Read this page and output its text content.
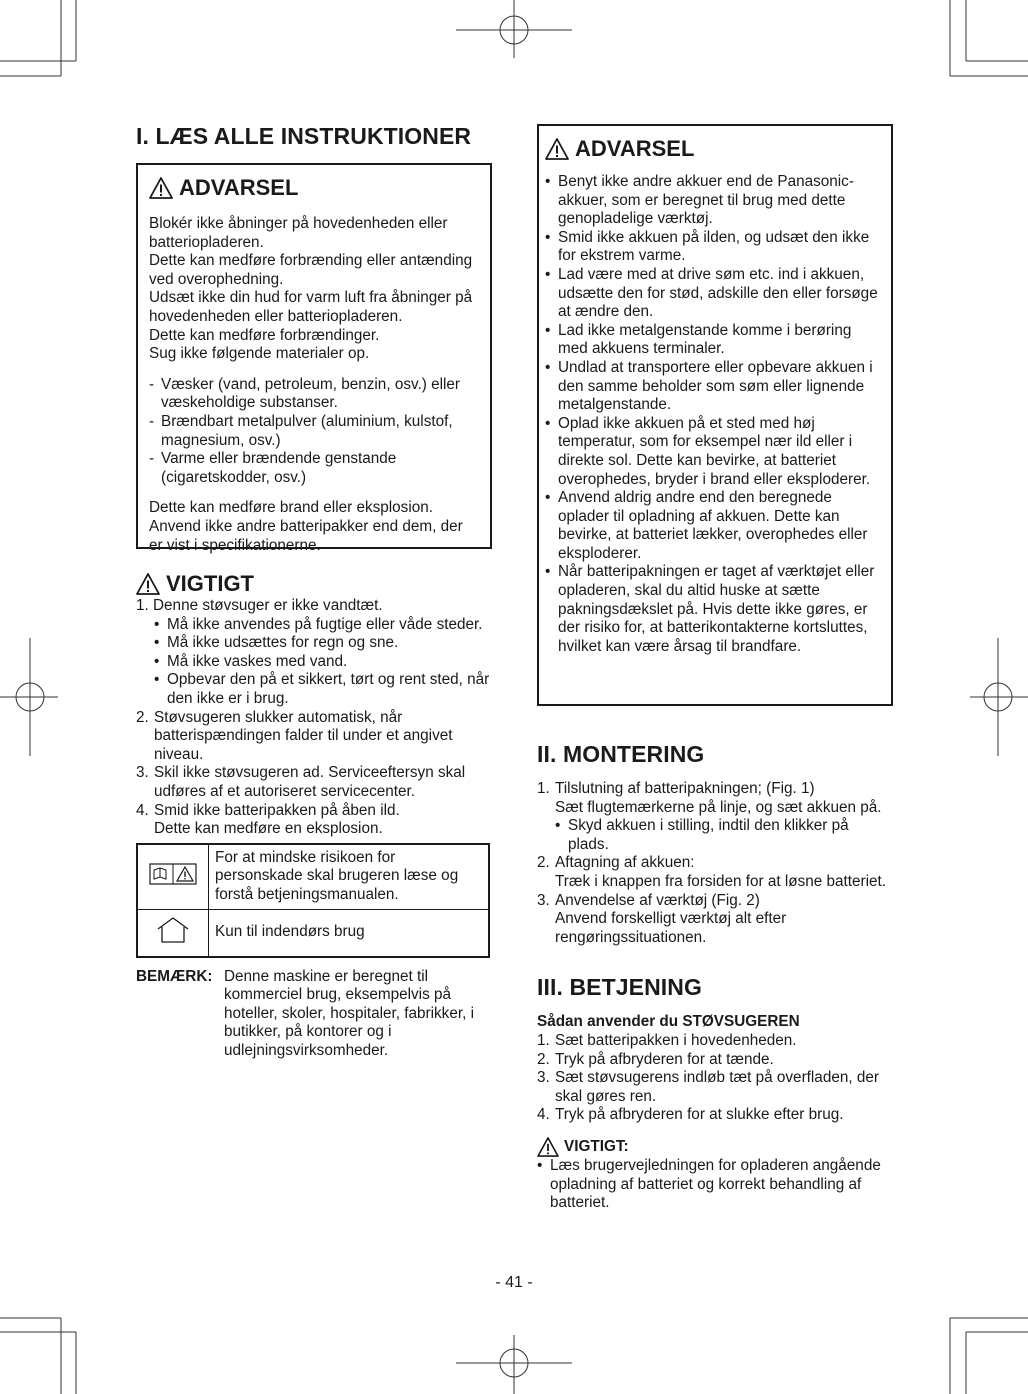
I. LÆS ALLE INSTRUKTIONER
ADVARSEL

Blokér ikke åbninger på hovedenheden eller batteriopladeren.

Dette kan medføre forbrænding eller antænding ved overophedning.

Udsæt ikke din hud for varm luft fra åbninger på hovedenheden eller batteriopladeren.

Dette kan medføre forbrændinger.

Sug ikke følgende materialer op.

- Væsker (vand, petroleum, benzin, osv.) eller væskeholdige substanser.
- Brændbart metalpulver (aluminium, kulstof, magnesium, osv.)
- Varme eller brændende genstande (cigaretskodder, osv.)

Dette kan medføre brand eller eksplosion.

Anvend ikke andre batteripakker end dem, der er vist i specifikationerne.

VIGTIGT

1. Denne støvsuger er ikke vandtæt.

• Må ikke anvendes på fugtige eller våde steder.
• Må ikke udsættes for regn og sne.
• Må ikke vaskes med vand.
• Opbevar den på et sikkert, tørt og rent sted, når den ikke er i brug.
2. Støvsugeren slukker automatisk, når batterispændingen falder til under et angivet niveau.
3. Skil ikke støvsugeren ad. Serviceeftersyn skal udføres af et autoriseret servicecenter.
4. Smid ikke batteripakken på åben ild.

Dette kan medføre en eksplosion.

	For at mindske risikoen for personskade skal brugeren læse og forstå betjeningsmanualen.
	Kun til indendørs brug
BEMÆRK: Denne maskine er beregnet til kommerciel brug, eksempelvis på hoteller, skoler, hospitaler, fabrikker, i butikker, på kontorer og i udlejningsvirksomheder.
ADVARSEL
• Benyt ikke andre akkuer end de Panasonic-akkuer, som er beregnet til brug med dette genopladelige værktøj.
• Smid ikke akkuen på ilden, og udsæt den ikke for ekstrem varme.
• Lad være med at drive søm etc. ind i akkuen, udsætte den for stød, adskille den eller forsøge at ændre den.
• Lad ikke metalgenstande komme i berøring med akkuens terminaler.
• Undlad at transportere eller opbevare akkuen i den samme beholder som søm eller lignende metalgenstande.
• Oplad ikke akkuen på et sted med høj temperatur, som for eksempel nær ild eller i direkte sol. Dette kan bevirke, at batteriet overophedes, bryder i brand eller eksploderer.
• Anvend aldrig andre end den beregnede oplader til opladning af akkuen. Dette kan bevirke, at batteriet lækker, overophedes eller eksploderer.
• Når batteripakningen er taget af værktøjet eller opladeren, skal du altid huske at sætte pakningsdækslet på. Hvis dette ikke gøres, er der risiko for, at batterikontakterne kortsluttes, hvilket kan være årsag til brandfare.
II. MONTERING
1. Tilslutning af batteripakningen; (Fig. 1)

Sæt flugtemærkerne på linje, og sæt akkuen på.

• Skyd akkuen i stilling, indtil den klikker på plads.
2. Aftagning af akkuen:

Træk i knappen fra forsiden for at løsne batteriet.

3. Anvendelse af værktøj (Fig. 2)

Anvend forskelligt værktøj alt efter rengøringssituationen.

III. BETJENING

Sådan anvender du STØVSUGEREN

1. Sæt batteripakken i hovedenheden.
2. Tryk på afbryderen for at tænde.
3. Sæt støvsugerens indløb tæt på overfladen, der skal gøres ren.
4. Tryk på afbryderen for at slukke efter brug.
VIGTIGT:
• Læs brugervejledningen for opladeren angående opladning af batteriet og korrekt behandling af batteriet.
- 41 -
